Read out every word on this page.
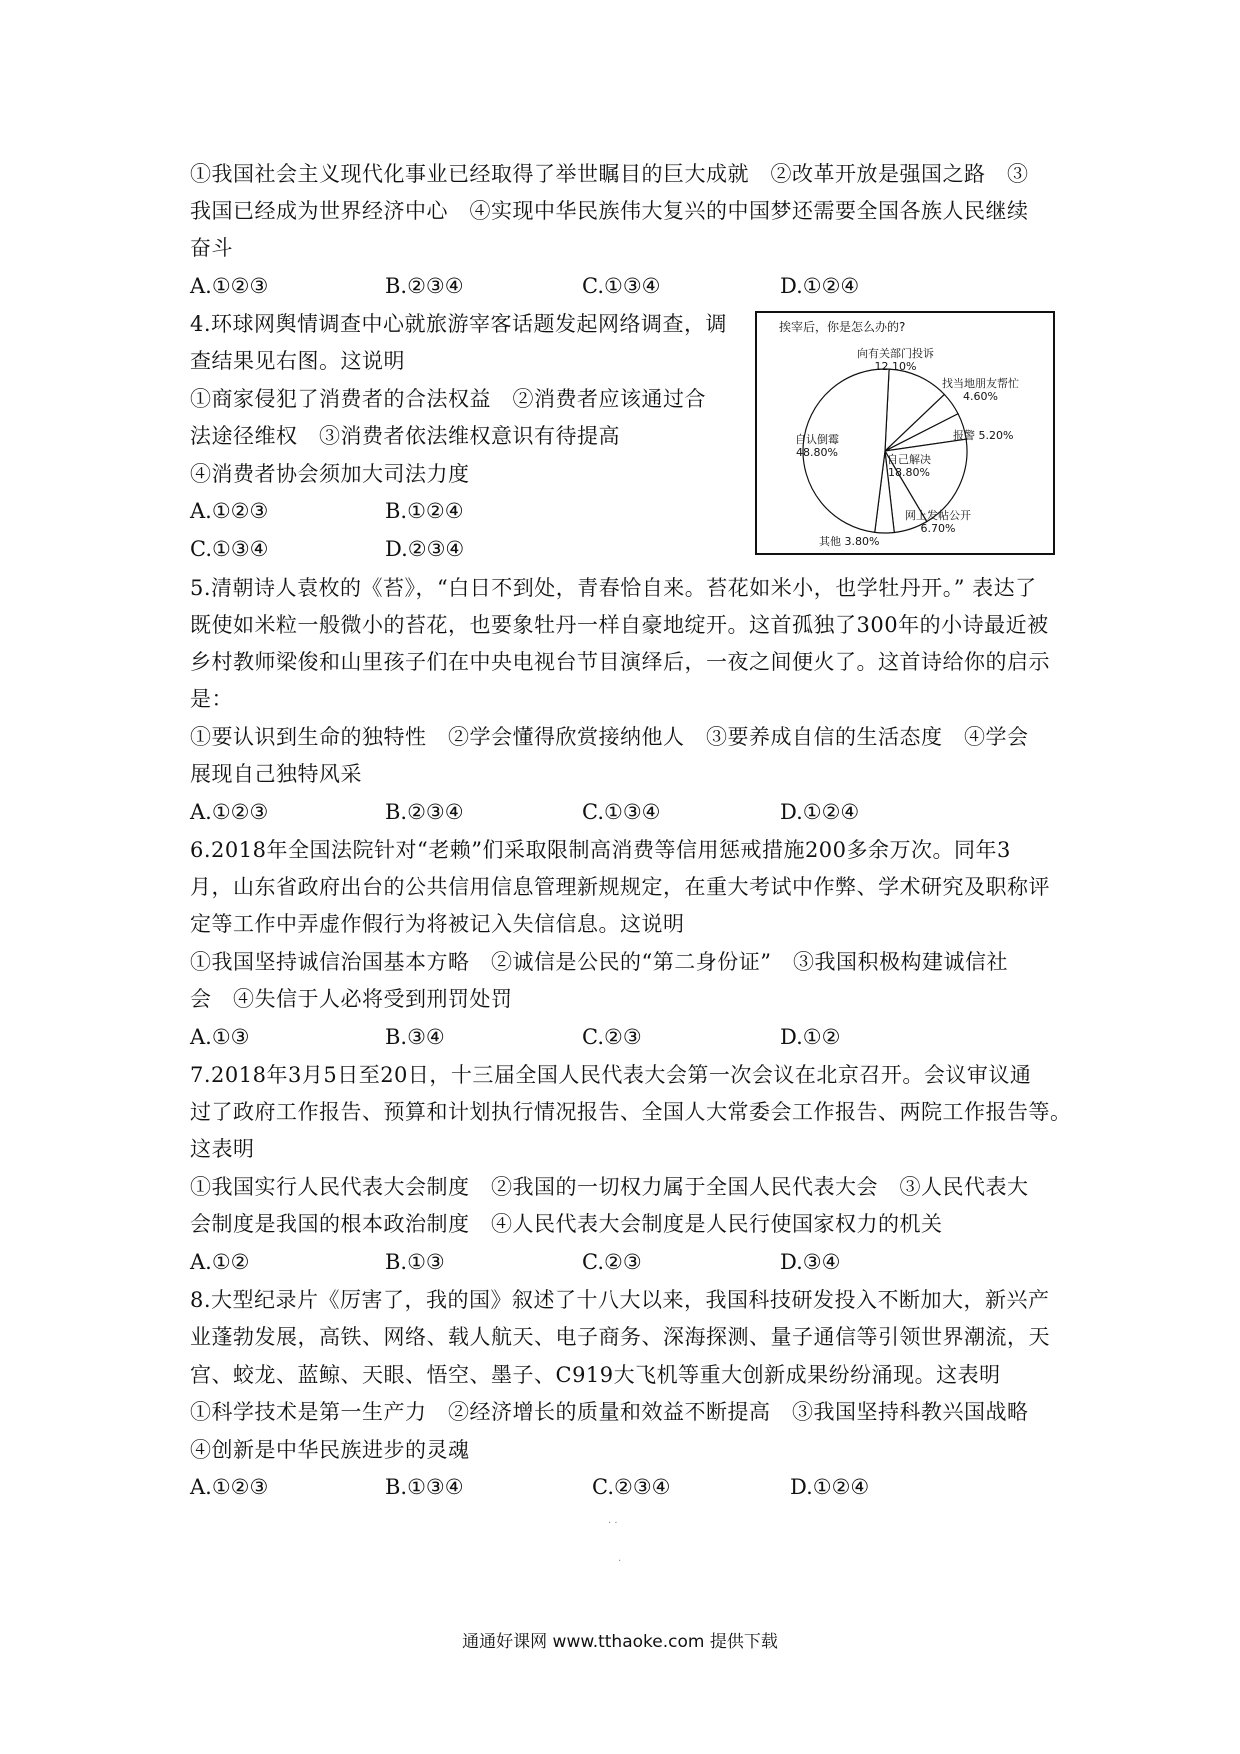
①我国社会主义现代化事业已经取得了举世瞩目的巨大成就　②改革开放是强国之路　③
我国已经成为世界经济中心　④实现中华民族伟大复兴的中国梦还需要全国各族人民继续
奋斗
A.①②③	B.②③④	C.①③④	D.①②④
4.环球网舆情调查中心就旅游宰客话题发起网络调查，调
查结果见右图。这说明
①商家侵犯了消费者的合法权益　②消费者应该通过合
法途径维权　③消费者依法维权意识有待提高
④消费者协会须加大司法力度
A.①②③	B.①②④
C.①③④	D.②③④
挨宰后，你是怎么办的?
向有关部门投诉
12.10%
找当地朋友帮忙
4.60%
报警 5.20%
自己解决
18.80%
自认倒霉
48.80%
网上发帖公开
6.70%
其他 3.80%
5.清朝诗人袁枚的《苔》，“白日不到处，青春恰自来。苔花如米小，也学牡丹开。” 表达了
既使如米粒一般微小的苔花，也要象牡丹一样自豪地绽开。这首孤独了300年的小诗最近被
乡村教师梁俊和山里孩子们在中央电视台节目演绎后，一夜之间便火了。这首诗给你的启示
是：
①要认识到生命的独特性　②学会懂得欣赏接纳他人　③要养成自信的生活态度　④学会
展现自己独特风采
A.①②③	B.②③④	C.①③④	D.①②④
6.2018年全国法院针对“老赖”们采取限制高消费等信用惩戒措施200多余万次。同年3
月，山东省政府出台的公共信用信息管理新规规定，在重大考试中作弊、学术研究及职称评
定等工作中弄虚作假行为将被记入失信信息。这说明
①我国坚持诚信治国基本方略　②诚信是公民的“第二身份证”　③我国积极构建诚信社
会　④失信于人必将受到刑罚处罚
A.①③	B.③④	C.②③	D.①②
7.2018年3月5日至20日，十三届全国人民代表大会第一次会议在北京召开。会议审议通
过了政府工作报告、预算和计划执行情况报告、全国人大常委会工作报告、两院工作报告等。
这表明
①我国实行人民代表大会制度　②我国的一切权力属于全国人民代表大会　③人民代表大
会制度是我国的根本政治制度　④人民代表大会制度是人民行使国家权力的机关
A.①②	B.①③	C.②③	D.③④
8.大型纪录片《厉害了，我的国》叙述了十八大以来，我国科技研发投入不断加大，新兴产
业蓬勃发展，高铁、网络、载人航天、电子商务、深海探测、量子通信等引领世界潮流，天
宫、蛟龙、蓝鲸、天眼、悟空、墨子、C919大飞机等重大创新成果纷纷涌现。这表明
①科学技术是第一生产力　②经济增长的质量和效益不断提高　③我国坚持科教兴国战略
④创新是中华民族进步的灵魂
A.①②③	B.①③④	C.②③④	D.①②④
· ·
·
通通好课网 www.tthaoke.com 提供下载
